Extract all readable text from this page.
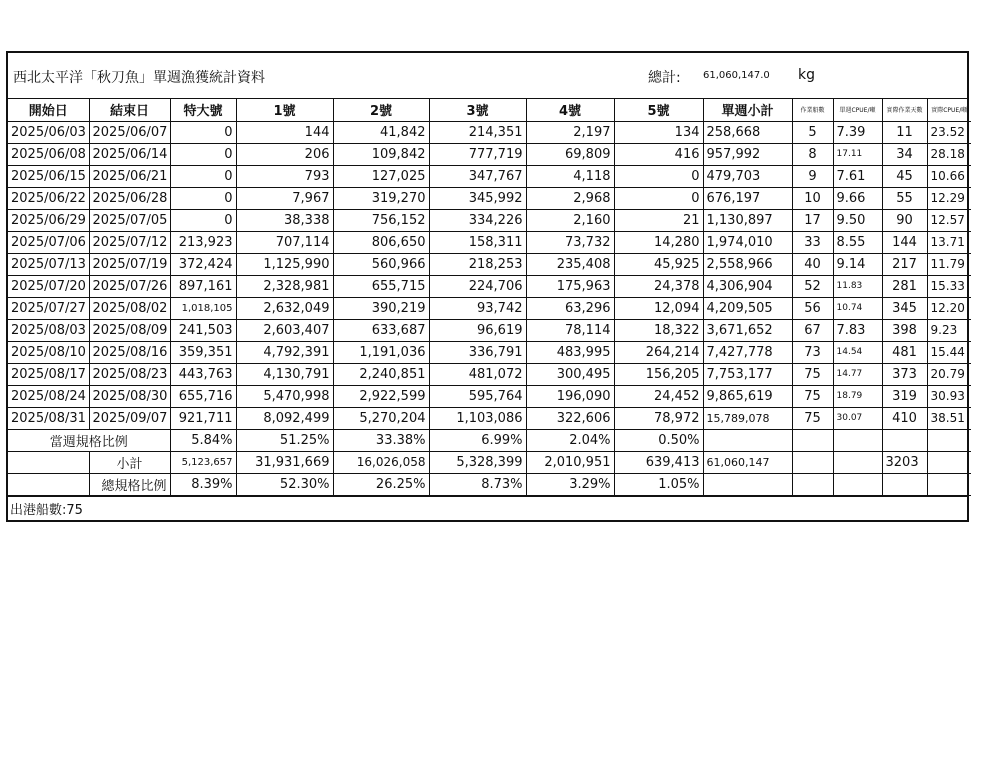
西北太平洋「秋刀魚」單週漁獲統計資料	總計: 61,060,147.0 kg
開始日	結束日	特大號	1號	2號	3號	4號	5號	單週小計	作業船數	單週CPUE/噸	實際作業天數	實際CPUE/噸
2025/06/03	2025/06/07	0	144	41,842	214,351	2,197	134	258,668	5	7.39	11	23.52
2025/06/08	2025/06/14	0	206	109,842	777,719	69,809	416	957,992	8	17.11	34	28.18
2025/06/15	2025/06/21	0	793	127,025	347,767	4,118	0	479,703	9	7.61	45	10.66
2025/06/22	2025/06/28	0	7,967	319,270	345,992	2,968	0	676,197	10	9.66	55	12.29
2025/06/29	2025/07/05	0	38,338	756,152	334,226	2,160	21	1,130,897	17	9.50	90	12.57
2025/07/06	2025/07/12	213,923	707,114	806,650	158,311	73,732	14,280	1,974,010	33	8.55	144	13.71
2025/07/13	2025/07/19	372,424	1,125,990	560,966	218,253	235,408	45,925	2,558,966	40	9.14	217	11.79
2025/07/20	2025/07/26	897,161	2,328,981	655,715	224,706	175,963	24,378	4,306,904	52	11.83	281	15.33
2025/07/27	2025/08/02	1,018,105	2,632,049	390,219	93,742	63,296	12,094	4,209,505	56	10.74	345	12.20
2025/08/03	2025/08/09	241,503	2,603,407	633,687	96,619	78,114	18,322	3,671,652	67	7.83	398	9.23
2025/08/10	2025/08/16	359,351	4,792,391	1,191,036	336,791	483,995	264,214	7,427,778	73	14.54	481	15.44
2025/08/17	2025/08/23	443,763	4,130,791	2,240,851	481,072	300,495	156,205	7,753,177	75	14.77	373	20.79
2025/08/24	2025/08/30	655,716	5,470,998	2,922,599	595,764	196,090	24,452	9,865,619	75	18.79	319	30.93
2025/08/31	2025/09/07	921,711	8,092,499	5,270,204	1,103,086	322,606	78,972	15,789,078	75	30.07	410	38.51
當週規格比例		5.84%	51.25%	33.38%	6.99%	2.04%	0.50%					
	小計	5,123,657	31,931,669	16,026,058	5,328,399	2,010,951	639,413	61,060,147			3203	
	總規格比例	8.39%	52.30%	26.25%	8.73%	3.29%	1.05%					
出港船數:75
